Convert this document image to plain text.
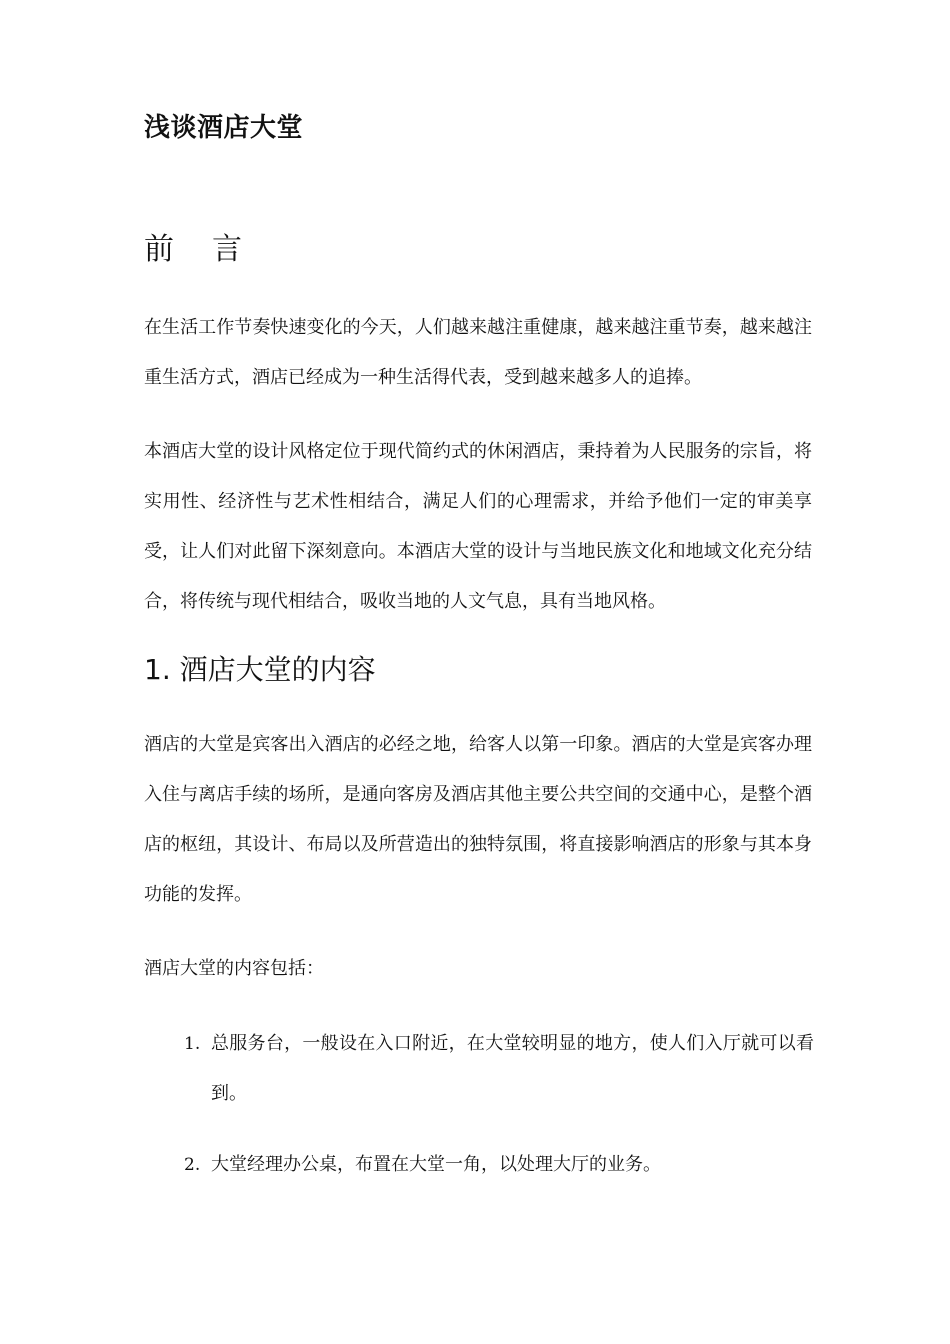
浅谈酒店大堂
前 言

在生活工作节奏快速变化的今天，人们越来越注重健康，越来越注重节奏，越来越注重生活方式，酒店已经成为一种生活得代表，受到越来越多人的追捧。

本酒店大堂的设计风格定位于现代简约式的休闲酒店，秉持着为人民服务的宗旨，将实用性、经济性与艺术性相结合，满足人们的心理需求，并给予他们一定的审美享受，让人们对此留下深刻意向。本酒店大堂的设计与当地民族文化和地域文化充分结合，将传统与现代相结合，吸收当地的人文气息，具有当地风格。

1. 酒店大堂的内容

酒店的大堂是宾客出入酒店的必经之地，给客人以第一印象。酒店的大堂是宾客办理入住与离店手续的场所，是通向客房及酒店其他主要公共空间的交通中心，是整个酒店的枢纽，其设计、布局以及所营造出的独特氛围，将直接影响酒店的形象与其本身功能的发挥。

酒店大堂的内容包括：

1. 总服务台，一般设在入口附近，在大堂较明显的地方，使人们入厅就可以看到。
2. 大堂经理办公桌，布置在大堂一角，以处理大厅的业务。
